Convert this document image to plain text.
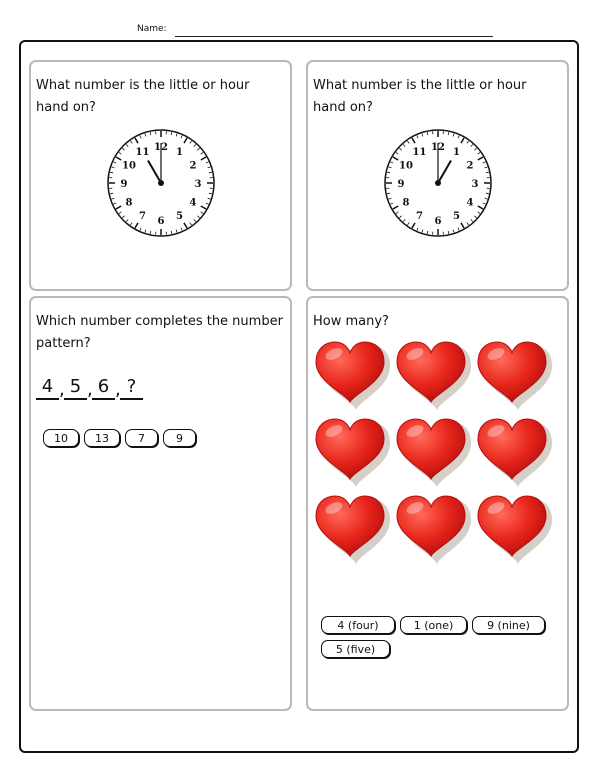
Name:
What number is the little or hour hand on?
12 1
2
3
4
5
6
7
8
9
10
11
What number is the little or hour hand on?
12 1
2
3
4
5
6
7
8
9
10
11
Which number completes the number pattern?
4 , 5 , 6 , ?
10	13	7	9
How many?
4 (four)	1 (one)	9 (nine)
5 (five)
